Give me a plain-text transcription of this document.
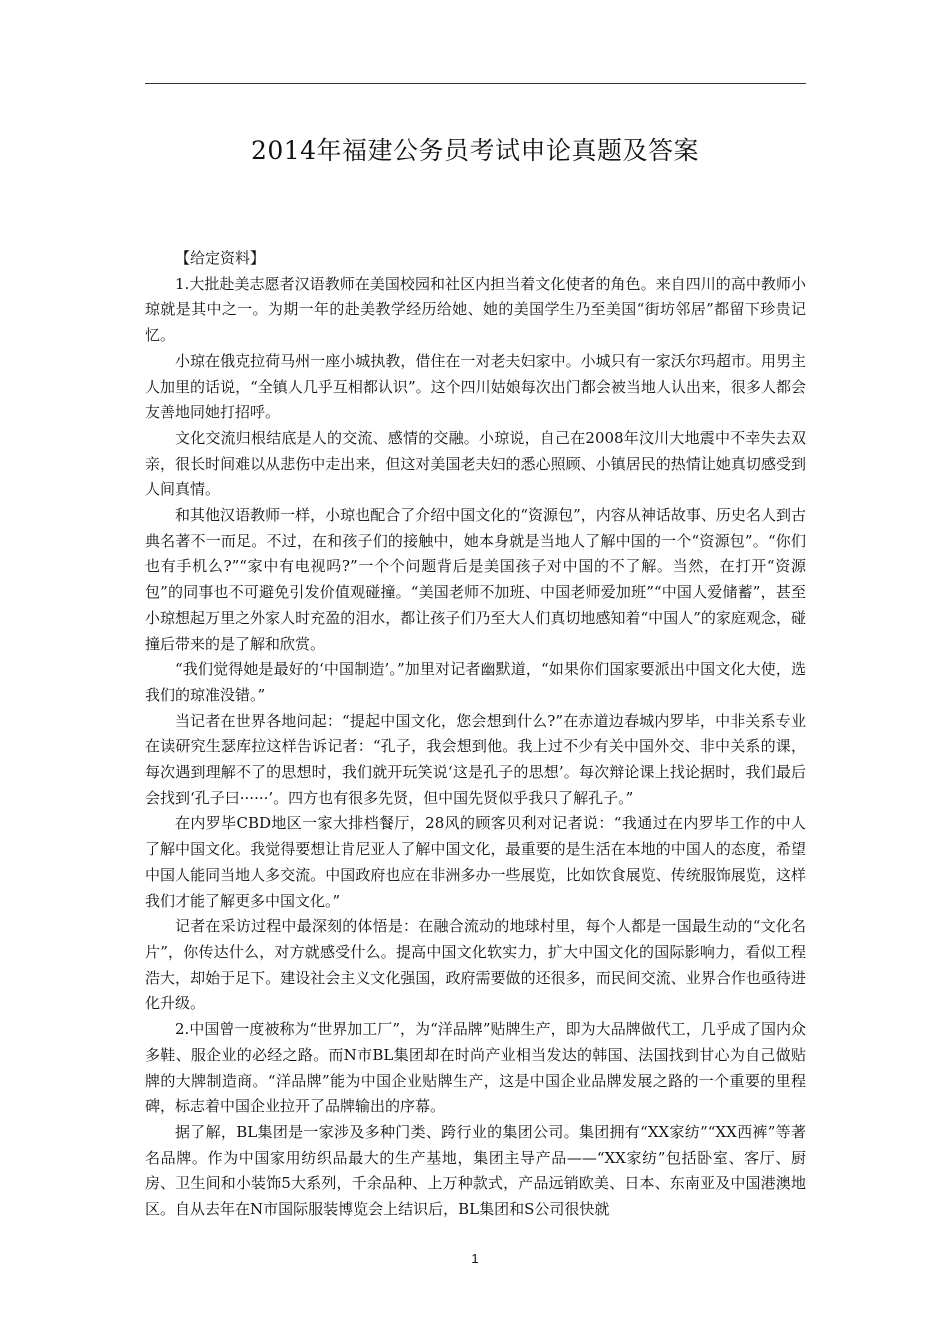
2014年福建公务员考试申论真题及答案

【给定资料】

1.大批赴美志愿者汉语教师在美国校园和社区内担当着文化使者的角色。来自四川的高中教师小琼就是其中之一。为期一年的赴美教学经历给她、她的美国学生乃至美国“街坊邻居”都留下珍贵记忆。

小琼在俄克拉荷马州一座小城执教，借住在一对老夫妇家中。小城只有一家沃尔玛超市。用男主人加里的话说，“全镇人几乎互相都认识”。这个四川姑娘每次出门都会被当地人认出来，很多人都会友善地同她打招呼。

文化交流归根结底是人的交流、感情的交融。小琼说，自己在2008年汶川大地震中不幸失去双亲，很长时间难以从悲伤中走出来，但这对美国老夫妇的悉心照顾、小镇居民的热情让她真切感受到人间真情。

和其他汉语教师一样，小琼也配合了介绍中国文化的“资源包”，内容从神话故事、历史名人到古典名著不一而足。不过，在和孩子们的接触中，她本身就是当地人了解中国的一个“资源包”。“你们也有手机么?”“家中有电视吗?”一个个问题背后是美国孩子对中国的不了解。当然，在打开“资源包”的同事也不可避免引发价值观碰撞。“美国老师不加班、中国老师爱加班”“中国人爱储蓄”，甚至小琼想起万里之外家人时充盈的泪水，都让孩子们乃至大人们真切地感知着“中国人”的家庭观念，碰撞后带来的是了解和欣赏。

“我们觉得她是最好的‘中国制造’。”加里对记者幽默道，“如果你们国家要派出中国文化大使，选我们的琼准没错。”

当记者在世界各地问起：“提起中国文化，您会想到什么?”在赤道边春城内罗毕，中非关系专业在读研究生瑟库拉这样告诉记者：“孔子，我会想到他。我上过不少有关中国外交、非中关系的课，每次遇到理解不了的思想时，我们就开玩笑说‘这是孔子的思想’。每次辩论课上找论据时，我们最后会找到‘孔子曰······’。四方也有很多先贤，但中国先贤似乎我只了解孔子。”

在内罗毕CBD地区一家大排档餐厅，28风的顾客贝利对记者说：“我通过在内罗毕工作的中人了解中国文化。我觉得要想让肯尼亚人了解中国文化，最重要的是生活在本地的中国人的态度，希望中国人能同当地人多交流。中国政府也应在非洲多办一些展览，比如饮食展览、传统服饰展览，这样我们才能了解更多中国文化。”

记者在采访过程中最深刻的体悟是：在融合流动的地球村里，每个人都是一国最生动的“文化名片”，你传达什么，对方就感受什么。提高中国文化软实力，扩大中国文化的国际影响力，看似工程浩大，却始于足下。建设社会主义文化强国，政府需要做的还很多，而民间交流、业界合作也亟待进化升级。

2.中国曾一度被称为“世界加工厂”，为“洋品牌”贴牌生产，即为大品牌做代工，几乎成了国内众多鞋、服企业的必经之路。而N市BL集团却在时尚产业相当发达的韩国、法国找到甘心为自己做贴牌的大牌制造商。“洋品牌”能为中国企业贴牌生产，这是中国企业品牌发展之路的一个重要的里程碑，标志着中国企业拉开了品牌输出的序幕。

据了解，BL集团是一家涉及多种门类、跨行业的集团公司。集团拥有“XX家纺”“XX西裤”等著名品牌。作为中国家用纺织品最大的生产基地，集团主导产品——“XX家纺”包括卧室、客厅、厨房、卫生间和小装饰5大系列，千余品种、上万种款式，产品远销欧美、日本、东南亚及中国港澳地区。自从去年在N市国际服装博览会上结识后，BL集团和S公司很快就

1
